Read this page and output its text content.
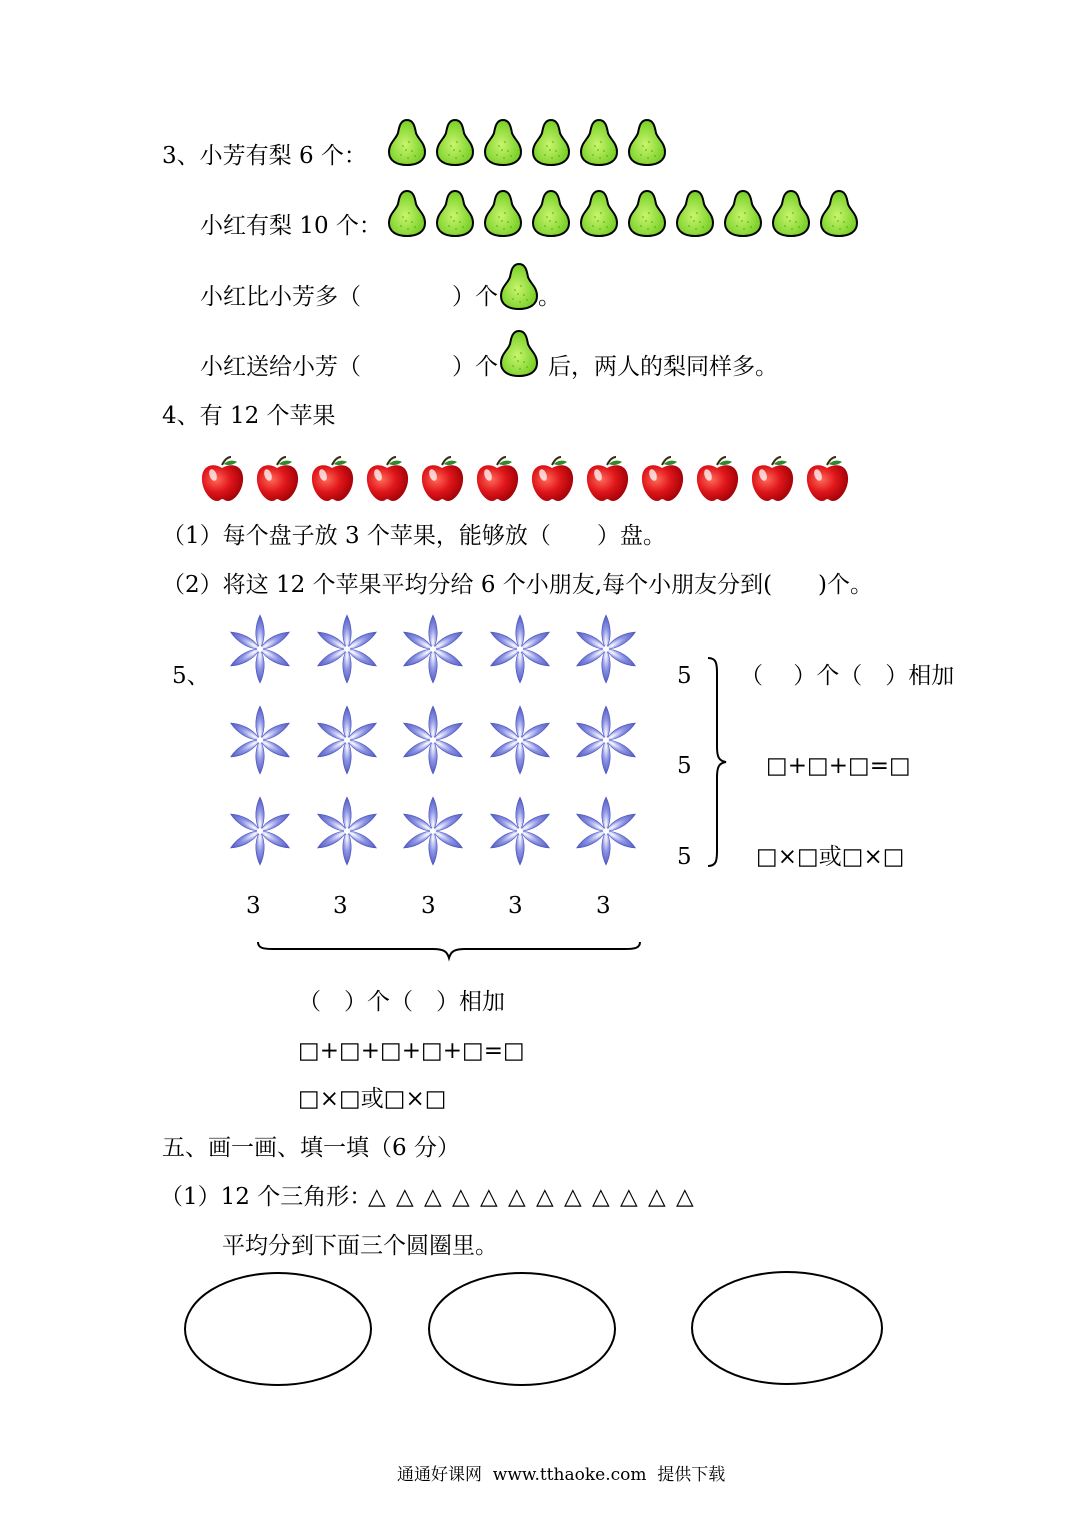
3、小芳有梨 6 个：
小红有梨 10 个：
小红比小芳多（	）个 。
小红送给小芳（	）个 后，两人的梨同样多。
4、有 12 个苹果
（1）每个盘子放 3 个苹果，能够放（　　）盘。
（2）将这 12 个苹果平均分给 6 个小朋友,每个小朋友分到(　　)个。
5、	5
5
5
（　 ）个（　）相加
□+□+□=□
□×□或□×□
3	3	3	3	3
（　）个（　）相加
□+□+□+□+□=□
□×□或□×□
五、画一画、填一填（6 分）
（1）12 个三角形：
△ △ △ △ △ △ △ △ △ △ △ △
平均分到下面三个圆圈里。
通通好课网  www.tthaoke.com  提供下载
